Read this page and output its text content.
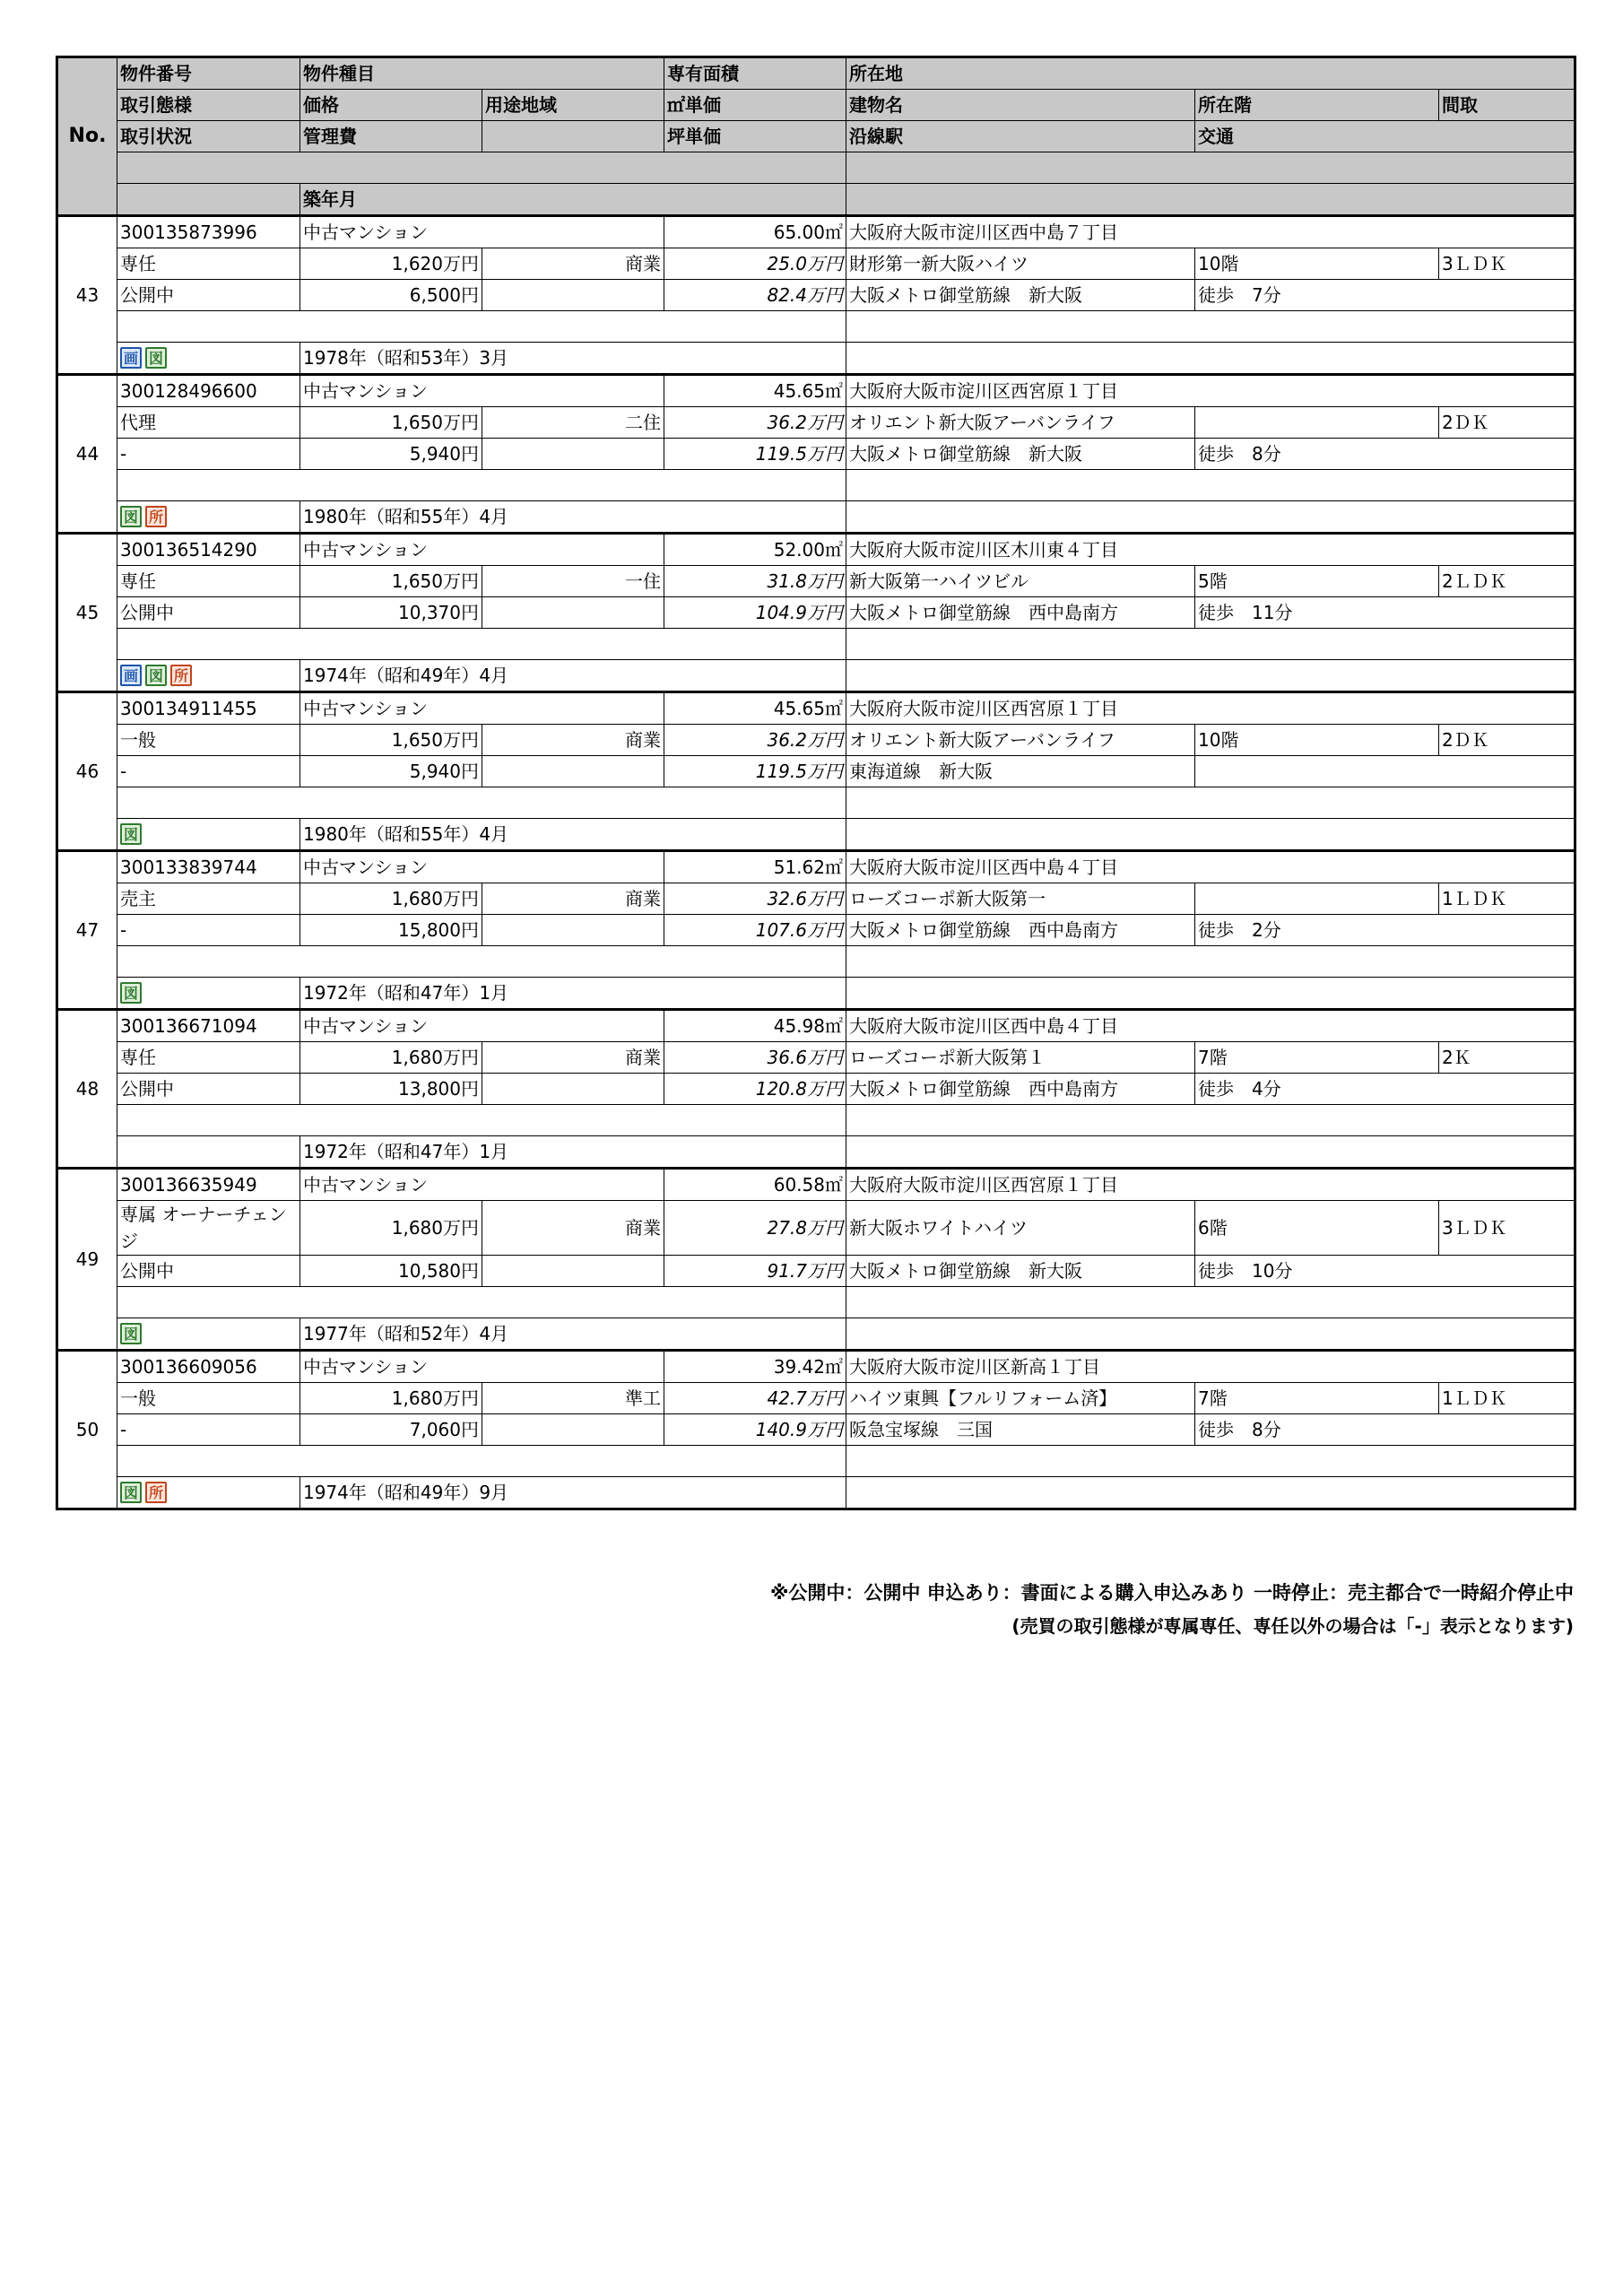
No.	物件番号	物件種目		専有面積	所在地		
	取引態様	価格	用途地域	㎡単価	建物名	所在階	間取
	取引状況	管理費		坪単価	沿線駅	交通	

		築年月					
43	300135873996	中古マンション		65.00㎡	大阪府大阪市淀川区西中島７丁目		
	専任	1,620万円	商業	25.0万円	財形第一新大阪ハイツ	10階	3ＬＤＫ
	公開中	6,500円		82.4万円	大阪メトロ御堂筋線　新大阪	徒歩　7分	

	画 図	1978年（昭和53年）3月					
44	300128496600	中古マンション		45.65㎡	大阪府大阪市淀川区西宮原１丁目		
	代理	1,650万円	二住	36.2万円	オリエント新大阪アーバンライフ		2ＤＫ
	-	5,940円		119.5万円	大阪メトロ御堂筋線　新大阪	徒歩　8分	

	図 所	1980年（昭和55年）4月					
45	300136514290	中古マンション		52.00㎡	大阪府大阪市淀川区木川東４丁目		
	専任	1,650万円	一住	31.8万円	新大阪第一ハイツビル	5階	2ＬＤＫ
	公開中	10,370円		104.9万円	大阪メトロ御堂筋線　西中島南方	徒歩　11分	

	画 図 所	1974年（昭和49年）4月					
46	300134911455	中古マンション		45.65㎡	大阪府大阪市淀川区西宮原１丁目		
	一般	1,650万円	商業	36.2万円	オリエント新大阪アーバンライフ	10階	2ＤＫ
	-	5,940円		119.5万円	東海道線　新大阪		

	図	1980年（昭和55年）4月					
47	300133839744	中古マンション		51.62㎡	大阪府大阪市淀川区西中島４丁目		
	売主	1,680万円	商業	32.6万円	ローズコーポ新大阪第一		1ＬＤＫ
	-	15,800円		107.6万円	大阪メトロ御堂筋線　西中島南方	徒歩　2分	

	図	1972年（昭和47年）1月					
48	300136671094	中古マンション		45.98㎡	大阪府大阪市淀川区西中島４丁目		
	専任	1,680万円	商業	36.6万円	ローズコーポ新大阪第１	7階	2Ｋ
	公開中	13,800円		120.8万円	大阪メトロ御堂筋線　西中島南方	徒歩　4分	

		1972年（昭和47年）1月					
49	300136635949	中古マンション		60.58㎡	大阪府大阪市淀川区西宮原１丁目		
	専属 オーナーチェンジ	1,680万円	商業	27.8万円	新大阪ホワイトハイツ	6階	3ＬＤＫ
	公開中	10,580円		91.7万円	大阪メトロ御堂筋線　新大阪	徒歩　10分	

	図	1977年（昭和52年）4月					
50	300136609056	中古マンション		39.42㎡	大阪府大阪市淀川区新高１丁目		
	一般	1,680万円	準工	42.7万円	ハイツ東興【フルリフォーム済】	7階	1ＬＤＫ
	-	7,060円		140.9万円	阪急宝塚線　三国	徒歩　8分	

	図 所	1974年（昭和49年）9月					
※公開中：公開中 申込あり：書面による購入申込みあり 一時停止：売主都合で一時紹介停止中
(売買の取引態様が専属専任、専任以外の場合は「-」表示となります)
